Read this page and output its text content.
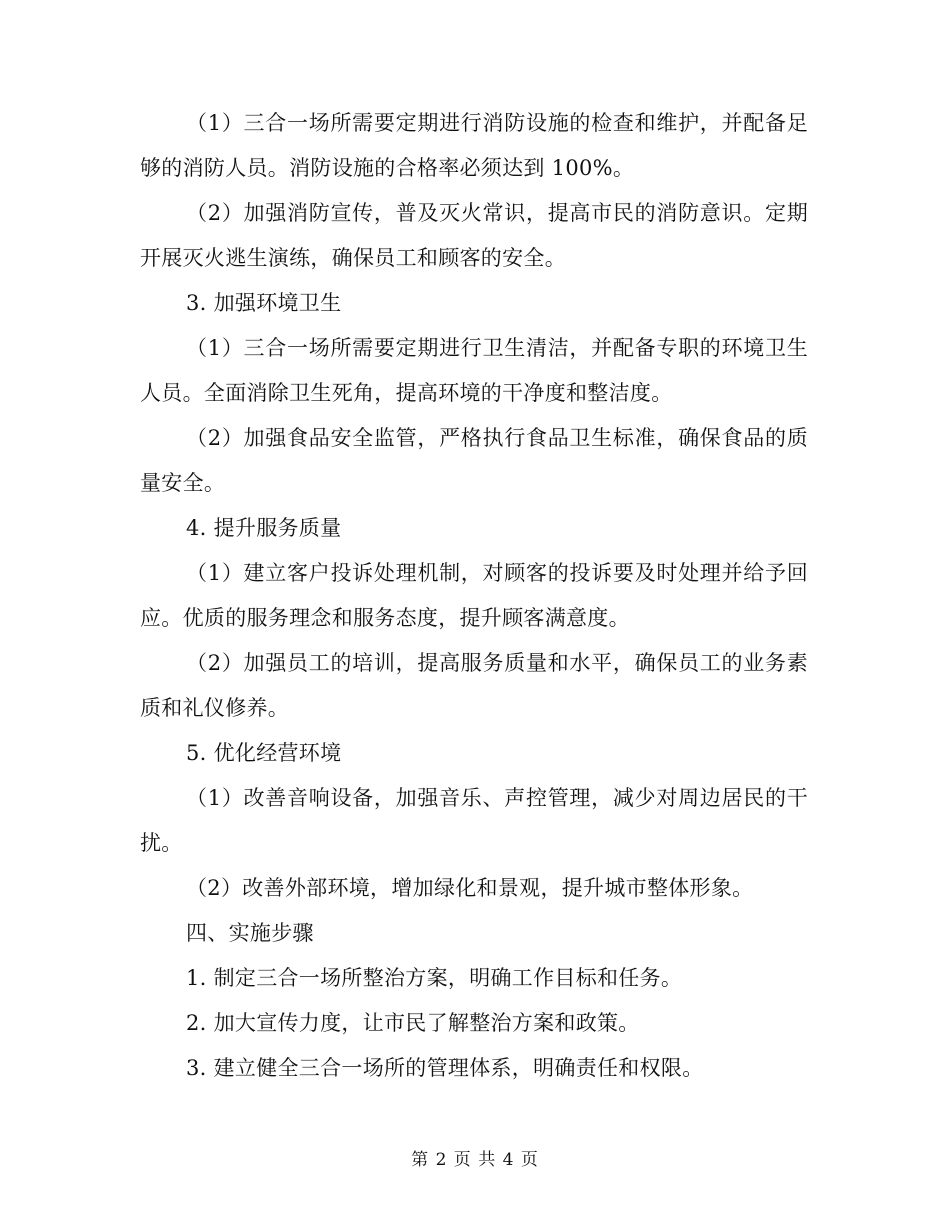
（1）三合一场所需要定期进行消防设施的检查和维护，并配备足够的消防人员。消防设施的合格率必须达到 100%。

（2）加强消防宣传，普及灭火常识，提高市民的消防意识。定期开展灭火逃生演练，确保员工和顾客的安全。

3. 加强环境卫生

（1）三合一场所需要定期进行卫生清洁，并配备专职的环境卫生人员。全面消除卫生死角，提高环境的干净度和整洁度。

（2）加强食品安全监管，严格执行食品卫生标准，确保食品的质量安全。

4. 提升服务质量

（1）建立客户投诉处理机制，对顾客的投诉要及时处理并给予回应。优质的服务理念和服务态度，提升顾客满意度。

（2）加强员工的培训，提高服务质量和水平，确保员工的业务素质和礼仪修养。

5. 优化经营环境

（1）改善音响设备，加强音乐、声控管理，减少对周边居民的干扰。

（2）改善外部环境，增加绿化和景观，提升城市整体形象。

四、实施步骤

1. 制定三合一场所整治方案，明确工作目标和任务。

2. 加大宣传力度，让市民了解整治方案和政策。

3. 建立健全三合一场所的管理体系，明确责任和权限。

第 2 页 共 4 页
